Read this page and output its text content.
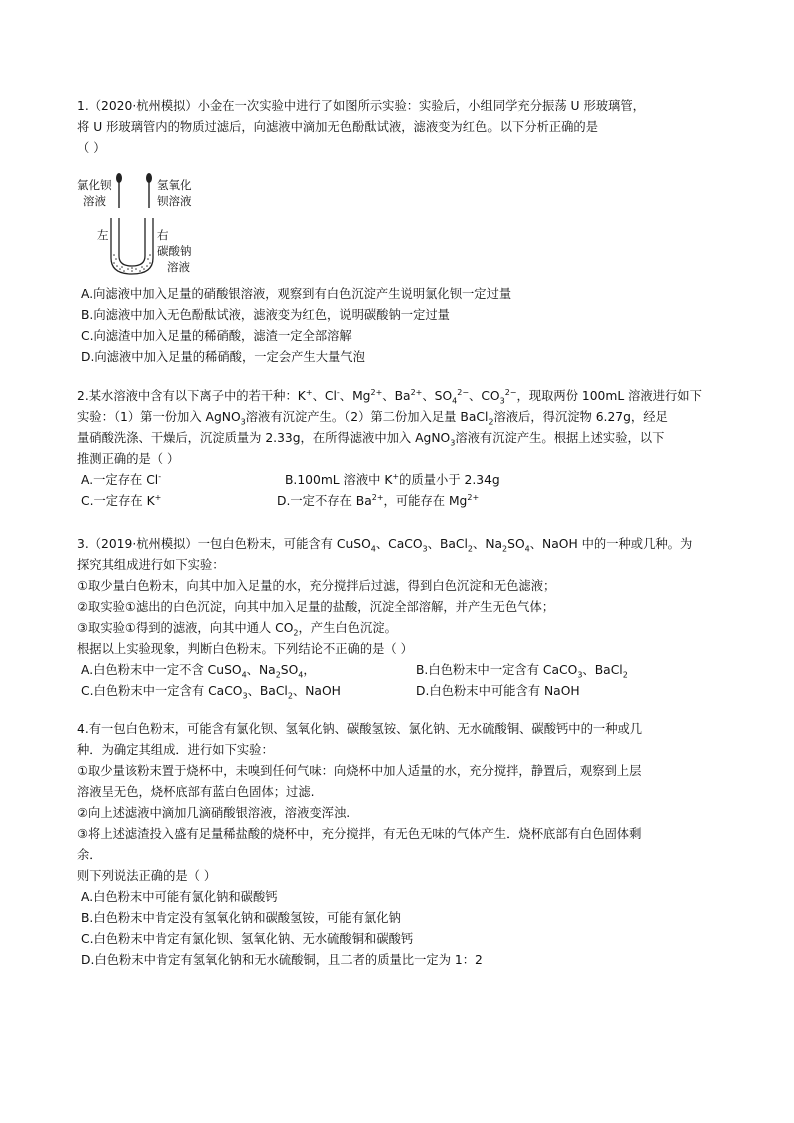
1.（2020·杭州模拟）小金在一次实验中进行了如图所示实验：实验后，小组同学充分振荡 U 形玻璃管，
将 U 形玻璃管内的物质过滤后，向滤液中滴加无色酚酞试液，滤液变为红色。以下分析正确的是
（ ）
氯化钡
溶液
氢氧化
钡溶液
左	右
碳酸钠
溶液
A.向滤液中加入足量的硝酸银溶液，观察到有白色沉淀产生说明氯化钡一定过量
B.向滤液中加入无色酚酞试液，滤液变为红色，说明碳酸钠一定过量
C.向滤渣中加入足量的稀硝酸，滤渣一定全部溶解
D.向滤液中加入足量的稀硝酸，一定会产生大量气泡
2.某水溶液中含有以下离子中的若干种：K+、Cl-、$Mg^{2+}$、$Ba^{2+}$、$SO_4^{2-}$、$CO_3^{2-}$，现取两份 100mL 溶液进行如下
实验：（1）第一份加入 AgNO$_3$溶液有沉淀产生。（2）第二份加入足量 BaCl$_2$溶液后，得沉淀物 6.27g，经足
量硝酸洗涤、干燥后，沉淀质量为 2.33g，在所得滤液中加入 AgNO$_3$溶液有沉淀产生。根据上述实验，以下
推测正确的是（ ）
A.一定存在 Cl-	B.100mL 溶液中 K+的质量小于 2.34g
C.一定存在 K+	D.一定不存在 $Ba^{2+}$，可能存在 $Mg^{2+}$
3.（2019·杭州模拟）一包白色粉末，可能含有 CuSO$_4$、CaCO$_3$、BaCl$_2$、$Na_2SO_4$、NaOH 中的一种或几种。为
探究其组成进行如下实验：
①取少量白色粉末，向其中加入足量的水，充分搅拌后过滤，得到白色沉淀和无色滤液；
②取实验①滤出的白色沉淀，向其中加入足量的盐酸，沉淀全部溶解，并产生无色气体；
③取实验①得到的滤液，向其中通人 $CO_2$，产生白色沉淀。
根据以上实验现象，判断白色粉末。下列结论不正确的是（ ）
A.白色粉末中一定不含 CuSO$_4$、$Na_2SO_4$，	B.白色粉末中一定含有 CaCO$_3$、BaCl$_2$
C.白色粉末中一定含有 CaCO$_3$、BaCl$_2$、NaOH	D.白色粉末中可能含有 NaOH
4.有一包白色粉末，可能含有氯化钡、氢氧化钠、碳酸氢铵、氯化钠、无水硫酸铜、碳酸钙中的一种或几
种．为确定其组成．进行如下实验：
①取少量该粉末置于烧杯中，未嗅到任何气味：向烧杯中加人适量的水，充分搅拌，静置后，观察到上层
溶液呈无色，烧杯底部有蓝白色固体；过滤.
②向上述滤液中滴加几滴硝酸银溶液，溶液变浑浊.
③将上述滤渣投入盛有足量稀盐酸的烧杯中，充分搅拌，有无色无味的气体产生．烧杯底部有白色固体剩
余．
则下列说法正确的是（ ）
A.白色粉末中可能有氯化钠和碳酸钙
B.白色粉末中肯定没有氢氧化钠和碳酸氢铵，可能有氯化钠
C.白色粉末中肯定有氯化钡、氢氧化钠、无水硫酸铜和碳酸钙
D.白色粉末中肯定有氢氧化钠和无水硫酸铜，且二者的质量比一定为 1：2
